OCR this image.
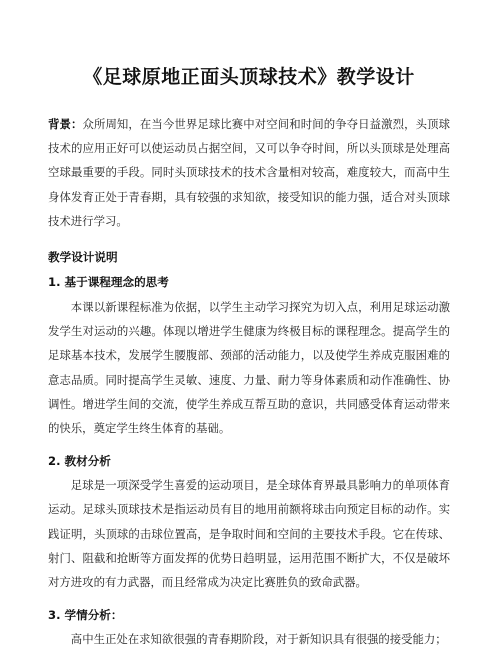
《足球原地正面头顶球技术》教学设计

背景：众所周知，在当今世界足球比赛中对空间和时间的争夺日益激烈，头顶球技术的应用正好可以使运动员占据空间，又可以争夺时间，所以头顶球是处理高空球最重要的手段。同时头顶球技术的技术含量相对较高，难度较大，而高中生身体发育正处于青春期，具有较强的求知欲，接受知识的能力强，适合对头顶球技术进行学习。

教学设计说明
1. 基于课程理念的思考

本课以新课程标准为依据，以学生主动学习探究为切入点，利用足球运动激发学生对运动的兴趣。体现以增进学生健康为终极目标的课程理念。提高学生的足球基本技术，发展学生腰腹部、颈部的活动能力，以及使学生养成克服困难的意志品质。同时提高学生灵敏、速度、力量、耐力等身体素质和动作准确性、协调性。增进学生间的交流，使学生养成互帮互助的意识，共同感受体育运动带来的快乐，奠定学生终生体育的基础。

2. 教材分析

足球是一项深受学生喜爱的运动项目，是全球体育界最具影响力的单项体育运动。足球头顶球技术是指运动员有目的地用前额将球击向预定目标的动作。实践证明，头顶球的击球位置高，是争取时间和空间的主要技术手段。它在传球、射门、阻截和抢断等方面发挥的优势日趋明显，运用范围不断扩大，不仅是破坏对方进攻的有力武器，而且经常成为决定比赛胜负的致命武器。

3. 学情分析：

高中生正处在求知欲很强的青春期阶段，对于新知识具有很强的接受能力；
